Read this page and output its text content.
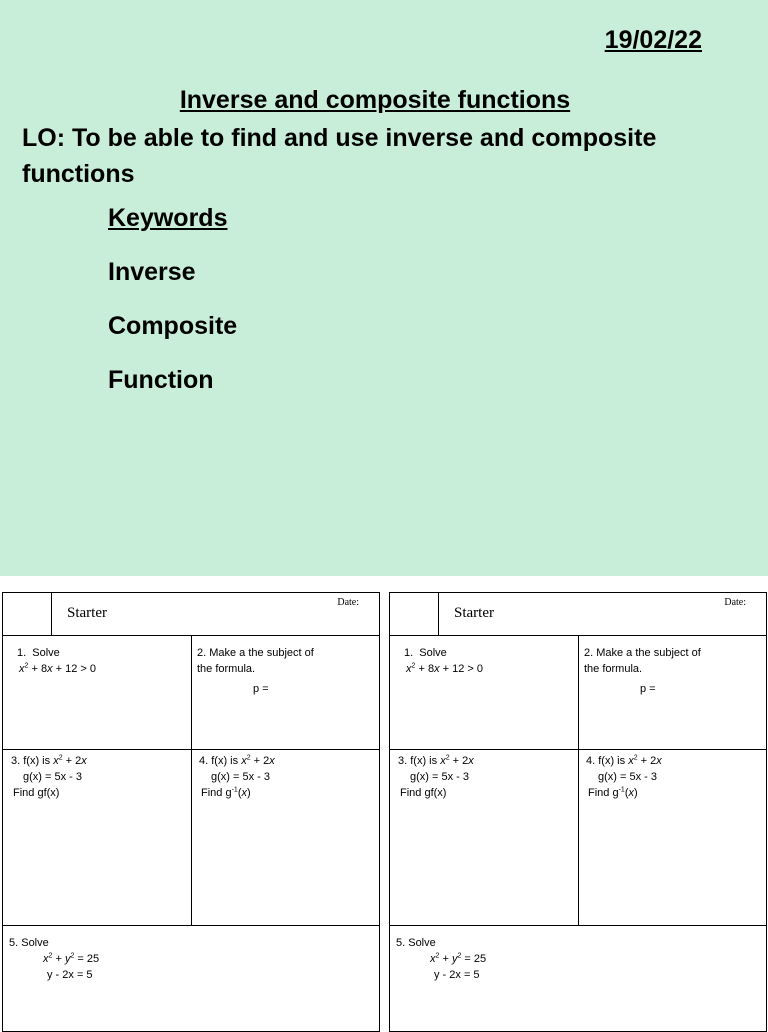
19/02/22
Inverse and composite functions
LO: To be able to find and use inverse and composite functions
Keywords
Inverse
Composite
Function
Starter
Date:
1.  Solve
$x^2 + 8x + 12 > 0$
2. Make a the subject of
the formula.
p =
3. f(x) is $x^2 + 2x$
g(x) = 5x - 3
Find gf(x)
4. f(x) is $x^2 + 2x$
g(x) = 5x - 3
Find $g^{-1}(x)$
5. Solve
$x^2 + y^2 = 25$
y - 2x = 5
Starter
Date:
1.  Solve
$x^2 + 8x + 12 > 0$
2. Make a the subject of
the formula.
p =
3. f(x) is $x^2 + 2x$
g(x) = 5x - 3
Find gf(x)
4. f(x) is $x^2 + 2x$
g(x) = 5x - 3
Find $g^{-1}(x)$
5. Solve
$x^2 + y^2 = 25$
y - 2x = 5
